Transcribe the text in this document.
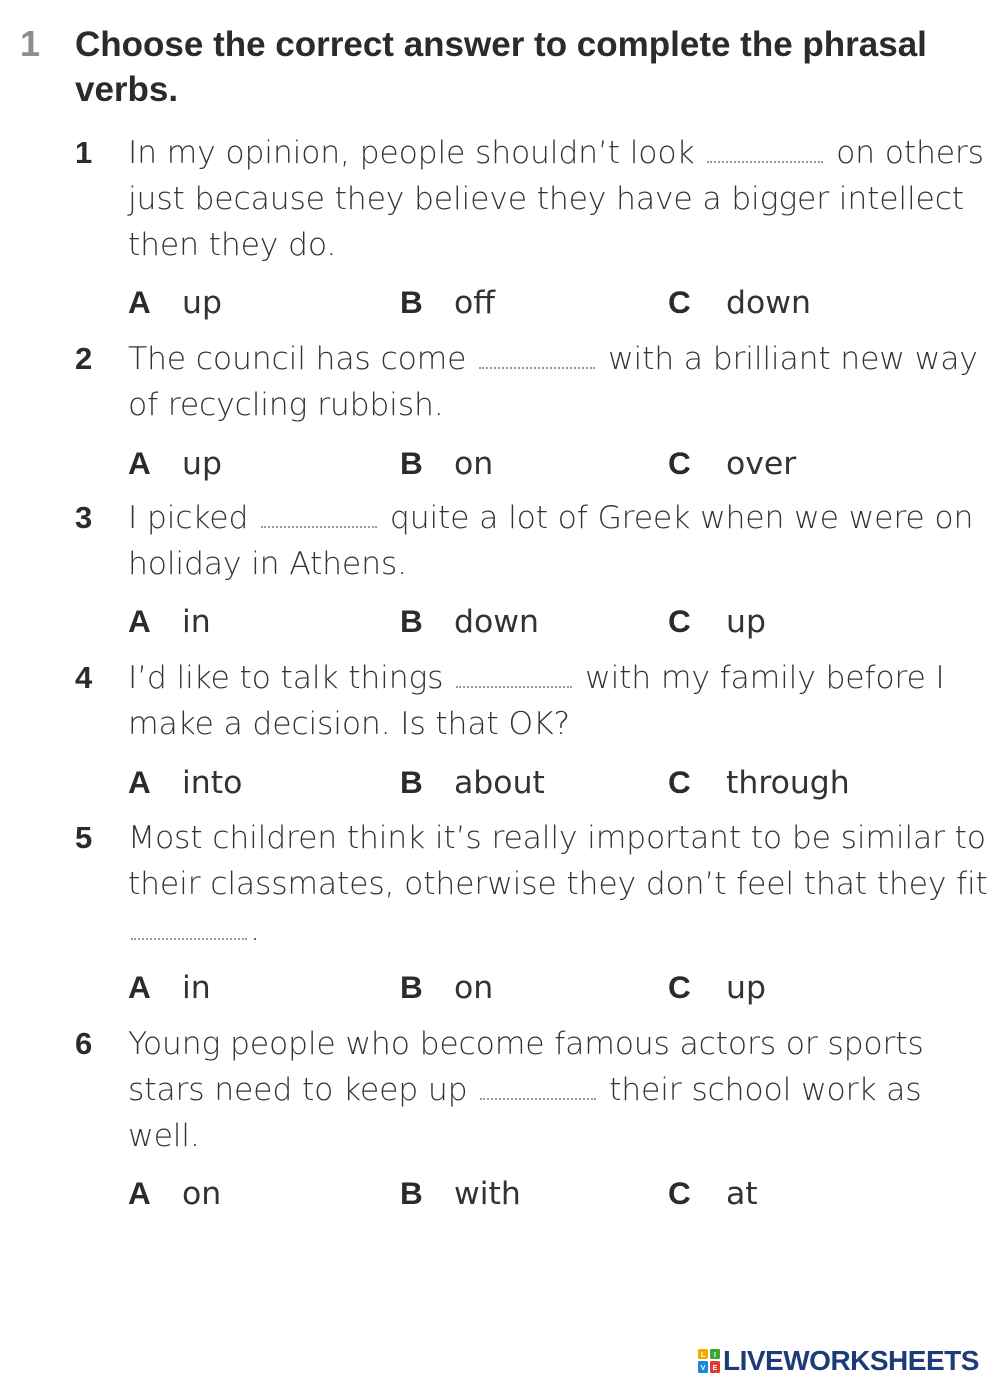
1 Choose the correct answer to complete the phrasal verbs.
1 In my opinion, people shouldn’t look	on others just because they believe they have a bigger intellect then they do.
A up	B off	C down
2 The council has come	with a brilliant new way of recycling rubbish.
A up	B on	C over
3 I picked	quite a lot of Greek when we were on holiday in Athens.
A in	B down	C up
4 I’d like to talk things	with my family before I make a decision. Is that OK?
A into	B about	C through
5 Most children think it’s really important to be similar to their classmates, otherwise they don’t feel that they fit .
A in	B on	C up
6 Young people who become famous actors or sports stars need to keep up	their school work as well.
A on	B with	C at
L I
V E LIVEWORKSHEETS
